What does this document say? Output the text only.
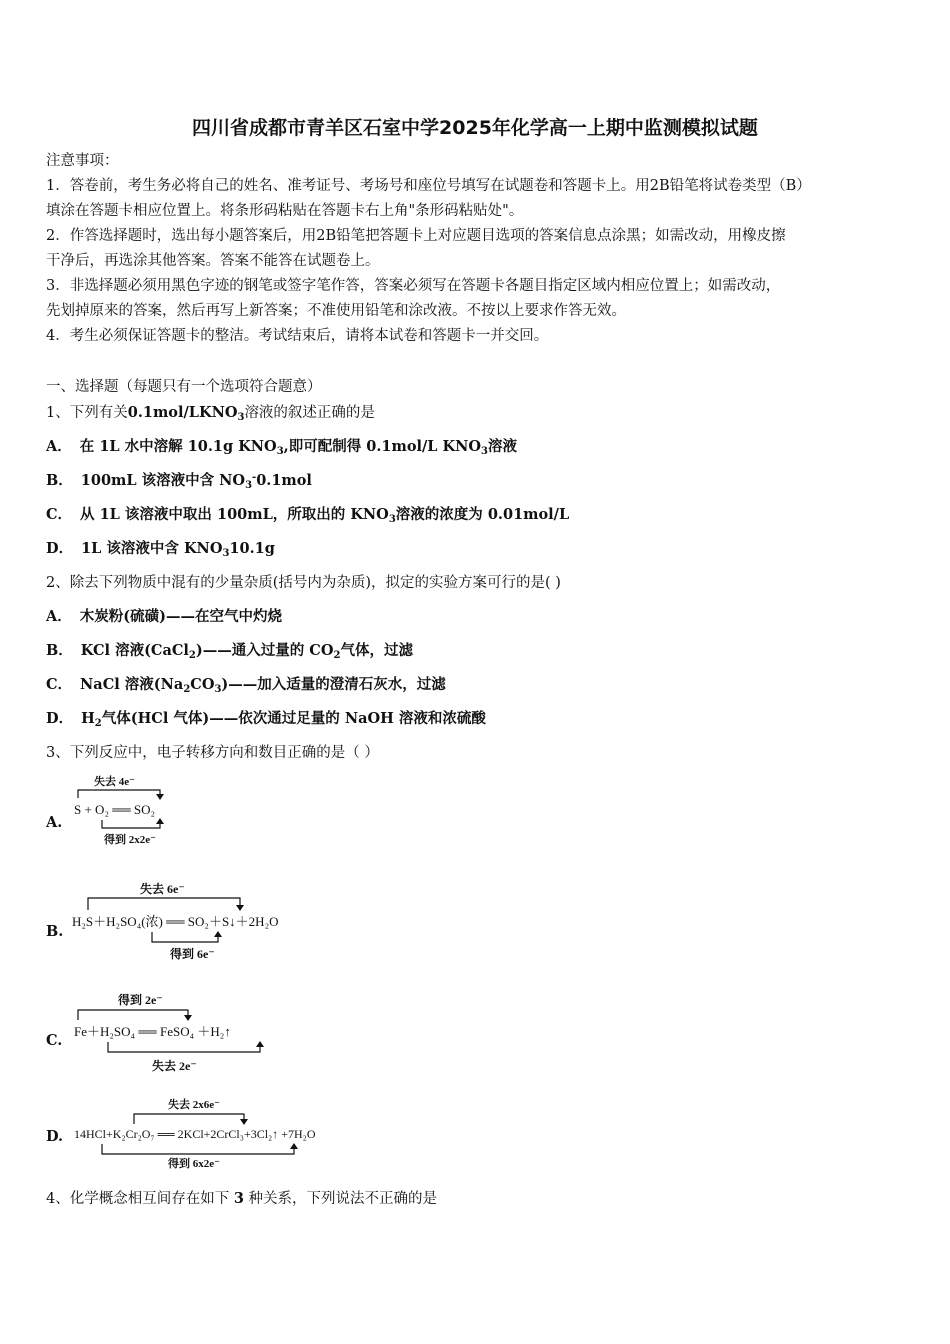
四川省成都市青羊区石室中学2025年化学高一上期中监测模拟试题
注意事项：
1．答卷前，考生务必将自己的姓名、准考证号、考场号和座位号填写在试题卷和答题卡上。用2B铅笔将试卷类型（B）
填涂在答题卡相应位置上。将条形码粘贴在答题卡右上角"条形码粘贴处"。
2．作答选择题时，选出每小题答案后，用2B铅笔把答题卡上对应题目选项的答案信息点涂黑；如需改动，用橡皮擦
干净后，再选涂其他答案。答案不能答在试题卷上。
3．非选择题必须用黑色字迹的钢笔或签字笔作答，答案必须写在答题卡各题目指定区域内相应位置上；如需改动，
先划掉原来的答案，然后再写上新答案；不准使用铅笔和涂改液。不按以上要求作答无效。
4．考生必须保证答题卡的整洁。考试结束后，请将本试卷和答题卡一并交回。
一、选择题（每题只有一个选项符合题意）
1、下列有关$0.1mol/LKNO_3$溶液的叙述正确的是
A． 在 1L 水中溶解 10.1g $KNO_3$,即可配制得 0.1mol/L $KNO_3$溶液
B． 100mL 该溶液中含 $NO_3^-0.1mol$
C． 从 1L 该溶液中取出 100mL，所取出的 $KNO_3$溶液的浓度为 0.01mol/L
D． 1L 该溶液中含 $KNO_310.1g$
2、除去下列物质中混有的少量杂质(括号内为杂质)，拟定的实验方案可行的是( )
A． 木炭粉(硫磺)——在空气中灼烧
B． KCl 溶液(CaCl$_2$)——通入过量的 $CO_2$气体，过滤
C． NaCl 溶液$(Na_2CO_3)——$加入适量的澄清石灰水，过滤
D． $H_2$气体(HCl 气体)——依次通过足量的 NaOH 溶液和浓硫酸
3、下列反应中，电子转移方向和数目正确的是（ ）
A.
失去 4e⁻
S + O₂ ══ SO₂
得到 2x2e⁻
B.
失去 6e⁻
H₂S＋H₂SO₄(浓) ══ SO₂＋S↓＋2H₂O
得到 6e⁻
C.
得到 2e⁻
Fe＋H₂SO₄ ══ FeSO₄ ＋H₂↑
失去 2e⁻
D.
失去 2x6e⁻
14HCl+K₂Cr₂O₇ ══ 2KCl+2CrCl₃+3Cl₂↑ +7H₂O
得到 6x2e⁻
4、化学概念相互间存在如下 3 种关系，下列说法不正确的是
